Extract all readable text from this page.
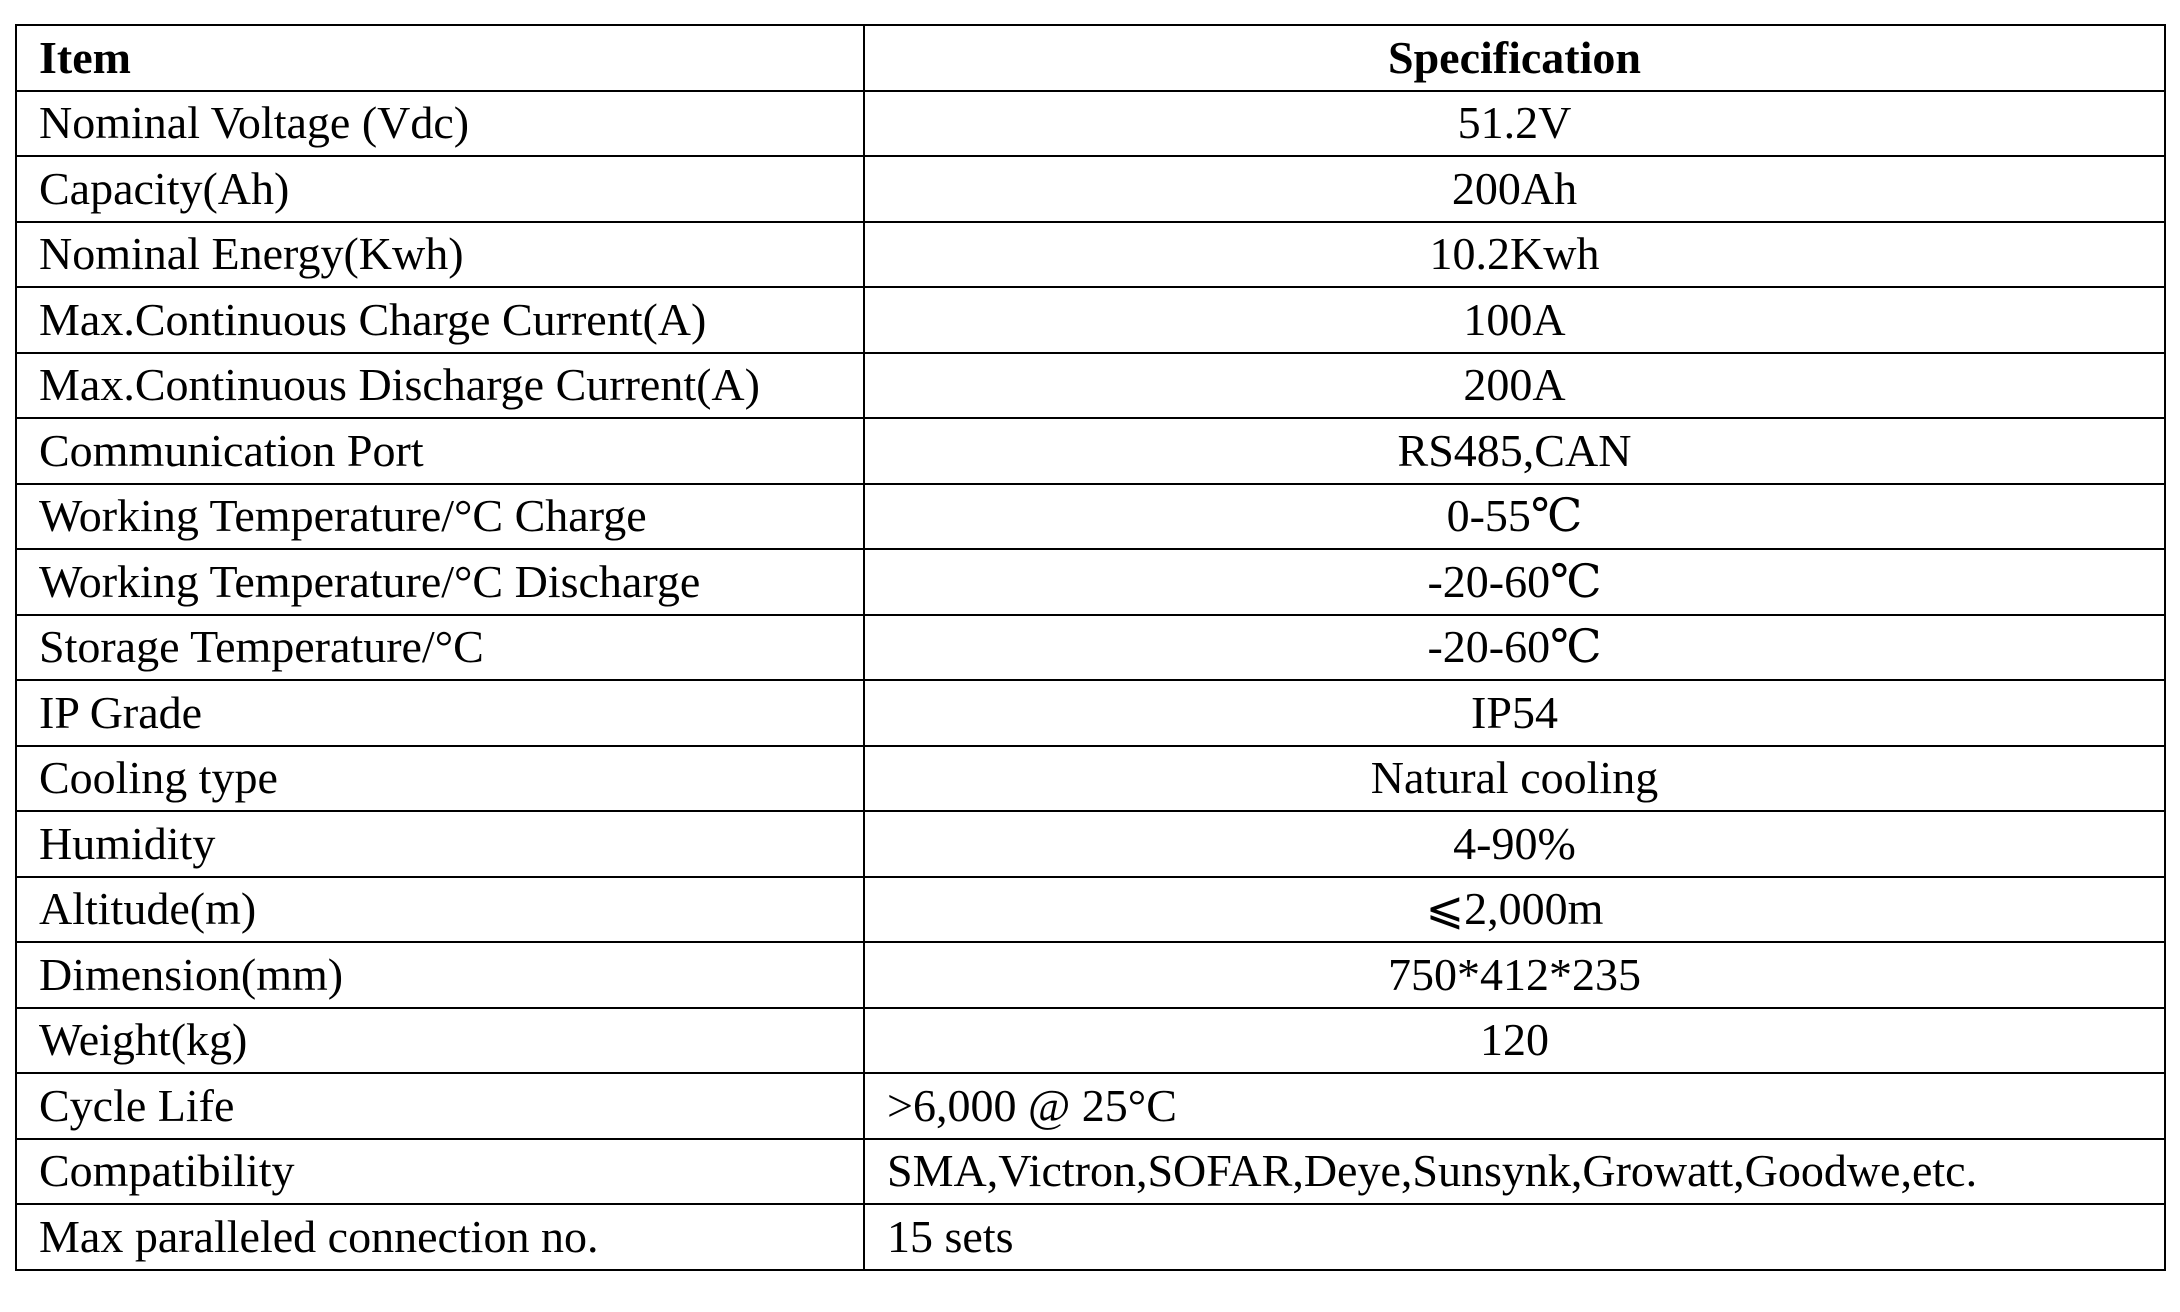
Item	Specification
Nominal Voltage (Vdc)	51.2V
Capacity(Ah)	200Ah
Nominal Energy(Kwh)	10.2Kwh
Max.Continuous Charge Current(A)	100A
Max.Continuous Discharge Current(A)	200A
Communication Port	RS485,CAN
Working Temperature/°C Charge	0-55℃
Working Temperature/°C Discharge	-20-60℃
Storage Temperature/°C	-20-60℃
IP Grade	IP54
Cooling type	Natural cooling
Humidity	4-90%
Altitude(m)	⩽2,000m
Dimension(mm)	750*412*235
Weight(kg)	120
Cycle Life	>6,000 @ 25°C
Compatibility	SMA,Victron,SOFAR,Deye,Sunsynk,Growatt,Goodwe,etc.
Max paralleled connection no.	15 sets
